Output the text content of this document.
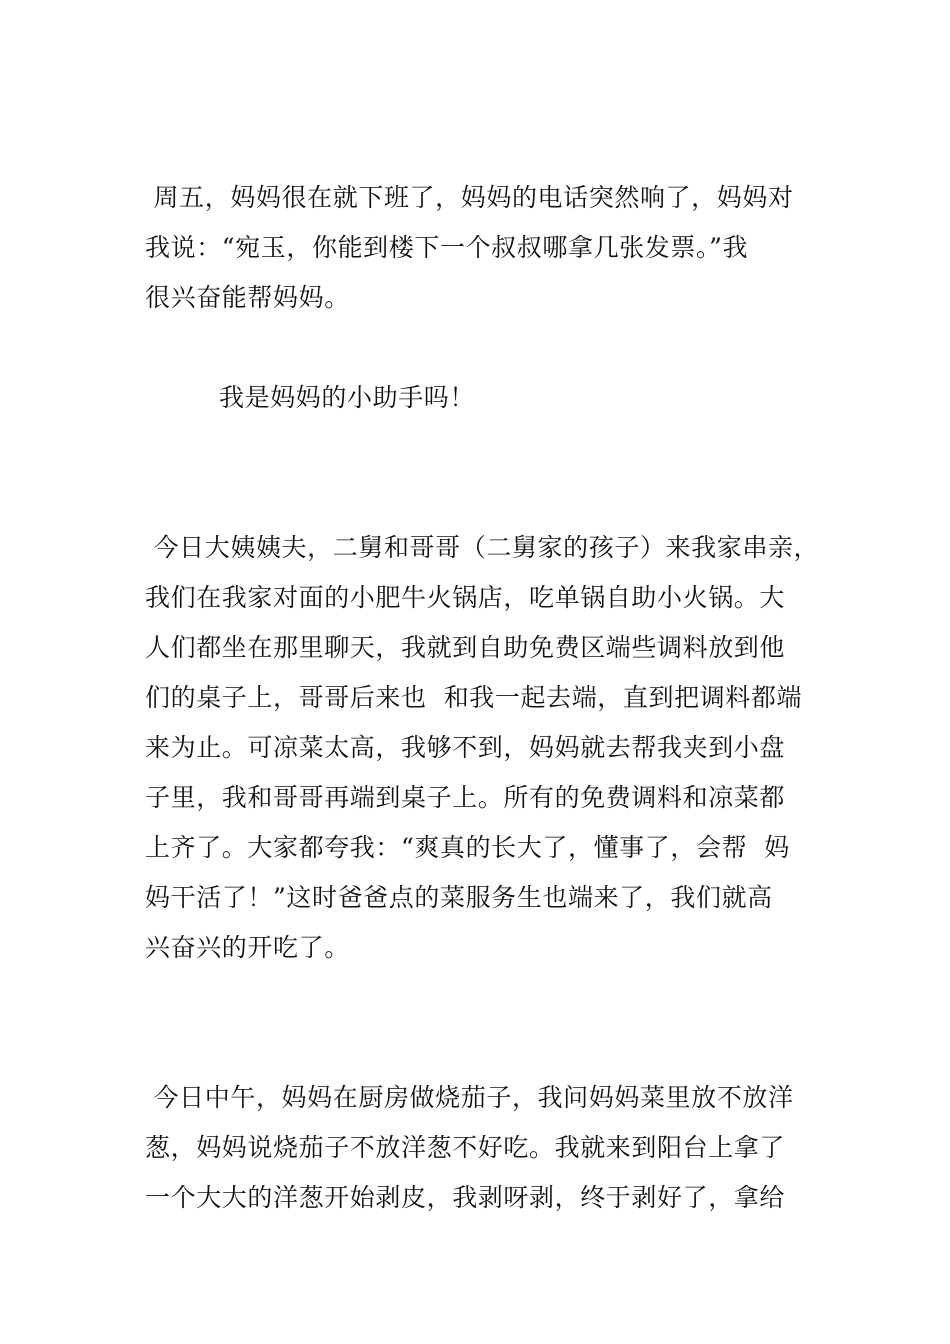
周五，妈妈很在就下班了，妈妈的电话突然响了，妈妈对
我说：“宛玉，你能到楼下一个叔叔哪拿几张发票。”我
很兴奋能帮妈妈。
我是妈妈的小助手吗！
今日大姨姨夫，二舅和哥哥（二舅家的孩子）来我家串亲，
我们在我家对面的小肥牛火锅店，吃单锅自助小火锅。大
人们都坐在那里聊天，我就到自助免费区端些调料放到他
们的桌子上，哥哥后来也  和我一起去端，直到把调料都端
来为止。可凉菜太高，我够不到，妈妈就去帮我夹到小盘
子里，我和哥哥再端到桌子上。所有的免费调料和凉菜都
上齐了。大家都夸我：“爽真的长大了，懂事了，会帮  妈
妈干活了！”这时爸爸点的菜服务生也端来了，我们就高
兴奋兴的开吃了。
今日中午，妈妈在厨房做烧茄子，我问妈妈菜里放不放洋
葱，妈妈说烧茄子不放洋葱不好吃。我就来到阳台上拿了
一个大大的洋葱开始剥皮，我剥呀剥，终于剥好了，拿给
